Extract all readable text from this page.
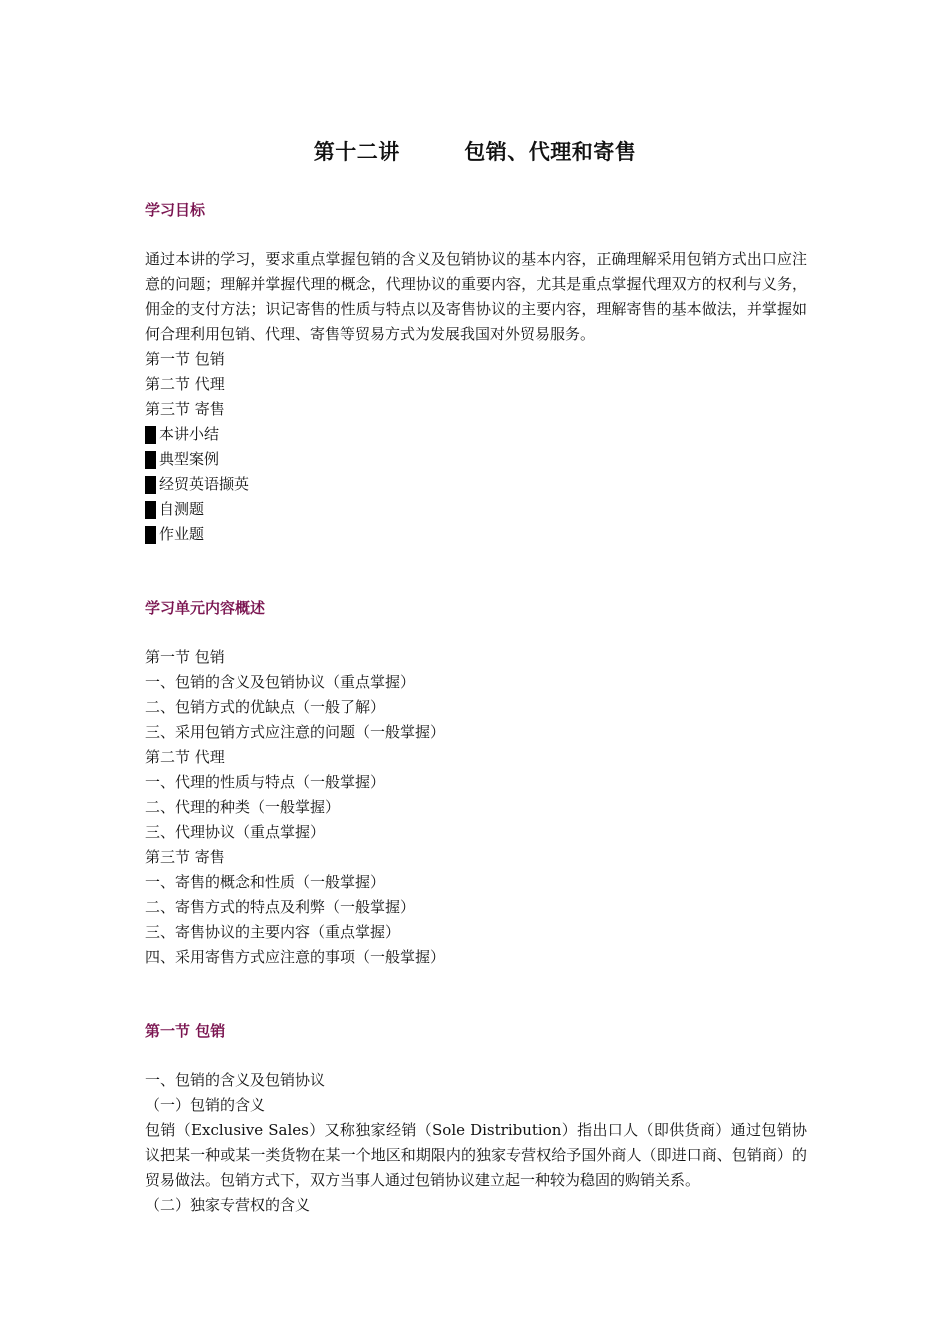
第十二讲　　　包销、代理和寄售
学习目标

通过本讲的学习，要求重点掌握包销的含义及包销协议的基本内容，正确理解采用包销方式出口应注意的问题；理解并掌握代理的概念，代理协议的重要内容，尤其是重点掌握代理双方的权利与义务，佣金的支付方法；识记寄售的性质与特点以及寄售协议的主要内容，理解寄售的基本做法，并掌握如何合理利用包销、代理、寄售等贸易方式为发展我国对外贸易服务。

第一节 包销

第二节 代理

第三节 寄售

本讲小结

典型案例

经贸英语撷英

自测题

作业题

学习单元内容概述

第一节 包销

一、包销的含义及包销协议（重点掌握）

二、包销方式的优缺点（一般了解）

三、采用包销方式应注意的问题（一般掌握）

第二节 代理

一、代理的性质与特点（一般掌握）

二、代理的种类（一般掌握）

三、代理协议（重点掌握）

第三节 寄售

一、寄售的概念和性质（一般掌握）

二、寄售方式的特点及利弊（一般掌握）

三、寄售协议的主要内容（重点掌握）

四、采用寄售方式应注意的事项（一般掌握）

第一节 包销

一、包销的含义及包销协议

（一）包销的含义

包销（Exclusive Sales）又称独家经销（Sole Distribution）指出口人（即供货商）通过包销协议把某一种或某一类货物在某一个地区和期限内的独家专营权给予国外商人（即进口商、包销商）的贸易做法。包销方式下，双方当事人通过包销协议建立起一种较为稳固的购销关系。

（二）独家专营权的含义
